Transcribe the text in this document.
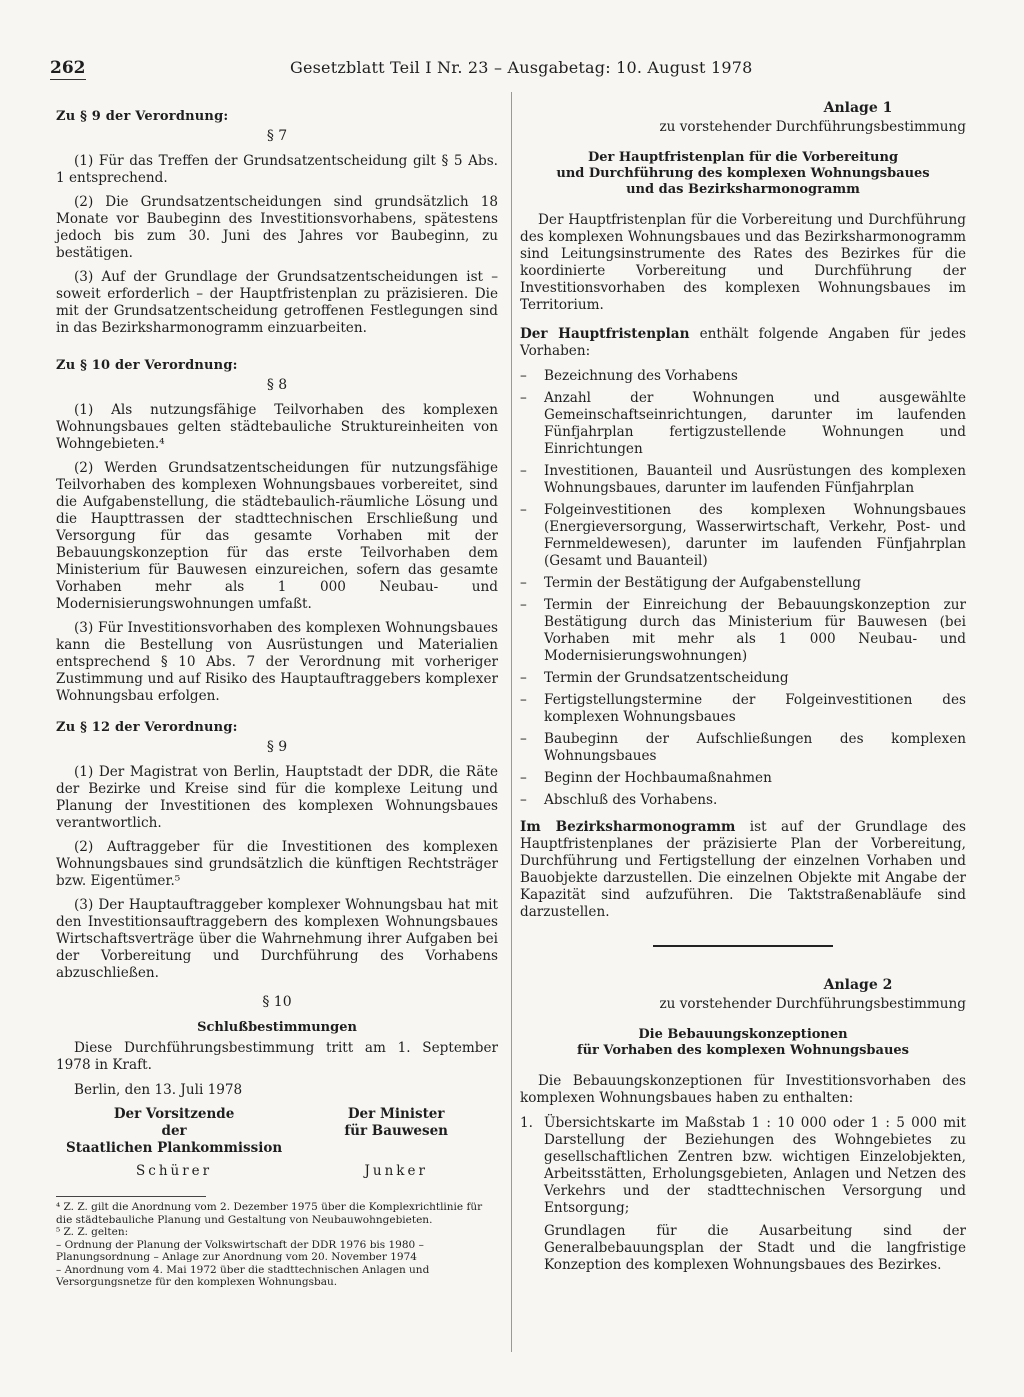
262	Gesetzblatt Teil I Nr. 23 – Ausgabetag: 10. August 1978

Zu § 9 der Verordnung:

§ 7

(1) Für das Treffen der Grundsatzentscheidung gilt § 5 Abs. 1 entsprechend.

(2) Die Grundsatzentscheidungen sind grundsätzlich 18 Monate vor Baubeginn des Investitionsvorhabens, spätestens jedoch bis zum 30. Juni des Jahres vor Baubeginn, zu bestätigen.

(3) Auf der Grundlage der Grundsatzentscheidungen ist – soweit erforderlich – der Hauptfristenplan zu präzisieren. Die mit der Grundsatzentscheidung getroffenen Festlegungen sind in das Bezirksharmonogramm einzuarbeiten.

Zu § 10 der Verordnung:

§ 8

(1) Als nutzungsfähige Teilvorhaben des komplexen Wohnungsbaues gelten städtebauliche Struktureinheiten von Wohngebieten.⁴

(2) Werden Grundsatzentscheidungen für nutzungsfähige Teilvorhaben des komplexen Wohnungsbaues vorbereitet, sind die Aufgabenstellung, die städtebaulich-räumliche Lösung und die Haupttrassen der stadttechnischen Erschließung und Versorgung für das gesamte Vorhaben mit der Bebauungskonzeption für das erste Teilvorhaben dem Ministerium für Bauwesen einzureichen, sofern das gesamte Vorhaben mehr als 1 000 Neubau- und Modernisierungswohnungen umfaßt.

(3) Für Investitionsvorhaben des komplexen Wohnungsbaues kann die Bestellung von Ausrüstungen und Materialien entsprechend § 10 Abs. 7 der Verordnung mit vorheriger Zustimmung und auf Risiko des Hauptauftraggebers komplexer Wohnungsbau erfolgen.

Zu § 12 der Verordnung:

§ 9

(1) Der Magistrat von Berlin, Hauptstadt der DDR, die Räte der Bezirke und Kreise sind für die komplexe Leitung und Planung der Investitionen des komplexen Wohnungsbaues verantwortlich.

(2) Auftraggeber für die Investitionen des komplexen Wohnungsbaues sind grundsätzlich die künftigen Rechtsträger bzw. Eigentümer.⁵

(3) Der Hauptauftraggeber komplexer Wohnungsbau hat mit den Investitionsauftraggebern des komplexen Wohnungsbaues Wirtschaftsverträge über die Wahrnehmung ihrer Aufgaben bei der Vorbereitung und Durchführung des Vorhabens abzuschließen.

§ 10

Schlußbestimmungen

Diese Durchführungsbestimmung tritt am 1. September 1978 in Kraft.

Berlin, den 13. Juli 1978

Der Vorsitzende
der
Staatlichen Plankommission
Schürer
Der Minister
für Bauwesen
Junker

⁴ Z. Z. gilt die Anordnung vom 2. Dezember 1975 über die Komplexrichtlinie für die städtebauliche Planung und Gestaltung von Neubauwohngebieten.

⁵ Z. Z. gelten:

– Ordnung der Planung der Volkswirtschaft der DDR 1976 bis 1980 – Planungsordnung – Anlage zur Anordnung vom 20. November 1974

– Anordnung vom 4. Mai 1972 über die stadttechnischen Anlagen und Versorgungsnetze für den komplexen Wohnungsbau.

Anlage 1

zu vorstehender Durchführungsbestimmung

Der Hauptfristenplan für die Vorbereitung
und Durchführung des komplexen Wohnungsbaues
und das Bezirksharmonogramm

Der Hauptfristenplan für die Vorbereitung und Durchführung des komplexen Wohnungsbaues und das Bezirksharmonogramm sind Leitungsinstrumente des Rates des Bezirkes für die koordinierte Vorbereitung und Durchführung der Investitionsvorhaben des komplexen Wohnungsbaues im Territorium.

Der Hauptfristenplan enthält folgende Angaben für jedes Vorhaben:

– Bezeichnung des Vorhabens
– Anzahl der Wohnungen und ausgewählte Gemeinschaftseinrichtungen, darunter im laufenden Fünfjahrplan fertigzustellende Wohnungen und Einrichtungen
– Investitionen, Bauanteil und Ausrüstungen des komplexen Wohnungsbaues, darunter im laufenden Fünfjahrplan
– Folgeinvestitionen des komplexen Wohnungsbaues (Energieversorgung, Wasserwirtschaft, Verkehr, Post- und Fernmeldewesen), darunter im laufenden Fünfjahrplan (Gesamt und Bauanteil)
– Termin der Bestätigung der Aufgabenstellung
– Termin der Einreichung der Bebauungskonzeption zur Bestätigung durch das Ministerium für Bauwesen (bei Vorhaben mit mehr als 1 000 Neubau- und Modernisierungswohnungen)
– Termin der Grundsatzentscheidung
– Fertigstellungstermine der Folgeinvestitionen des komplexen Wohnungsbaues
– Baubeginn der Aufschließungen des komplexen Wohnungsbaues
– Beginn der Hochbaumaßnahmen
– Abschluß des Vorhabens.

Im Bezirksharmonogramm ist auf der Grundlage des Hauptfristenplanes der präzisierte Plan der Vorbereitung, Durchführung und Fertigstellung der einzelnen Vorhaben und Bauobjekte darzustellen. Die einzelnen Objekte mit Angabe der Kapazität sind aufzuführen. Die Taktstraßenabläufe sind darzustellen.

Anlage 2

zu vorstehender Durchführungsbestimmung

Die Bebauungskonzeptionen
für Vorhaben des komplexen Wohnungsbaues

Die Bebauungskonzeptionen für Investitionsvorhaben des komplexen Wohnungsbaues haben zu enthalten:

1. Übersichtskarte im Maßstab 1 : 10 000 oder 1 : 5 000 mit Darstellung der Beziehungen des Wohngebietes zu gesellschaftlichen Zentren bzw. wichtigen Einzelobjekten, Arbeitsstätten, Erholungsgebieten, Anlagen und Netzen des Verkehrs und der stadttechnischen Versorgung und Entsorgung;

Grundlagen für die Ausarbeitung sind der Generalbebauungsplan der Stadt und die langfristige Konzeption des komplexen Wohnungsbaues des Bezirkes.
